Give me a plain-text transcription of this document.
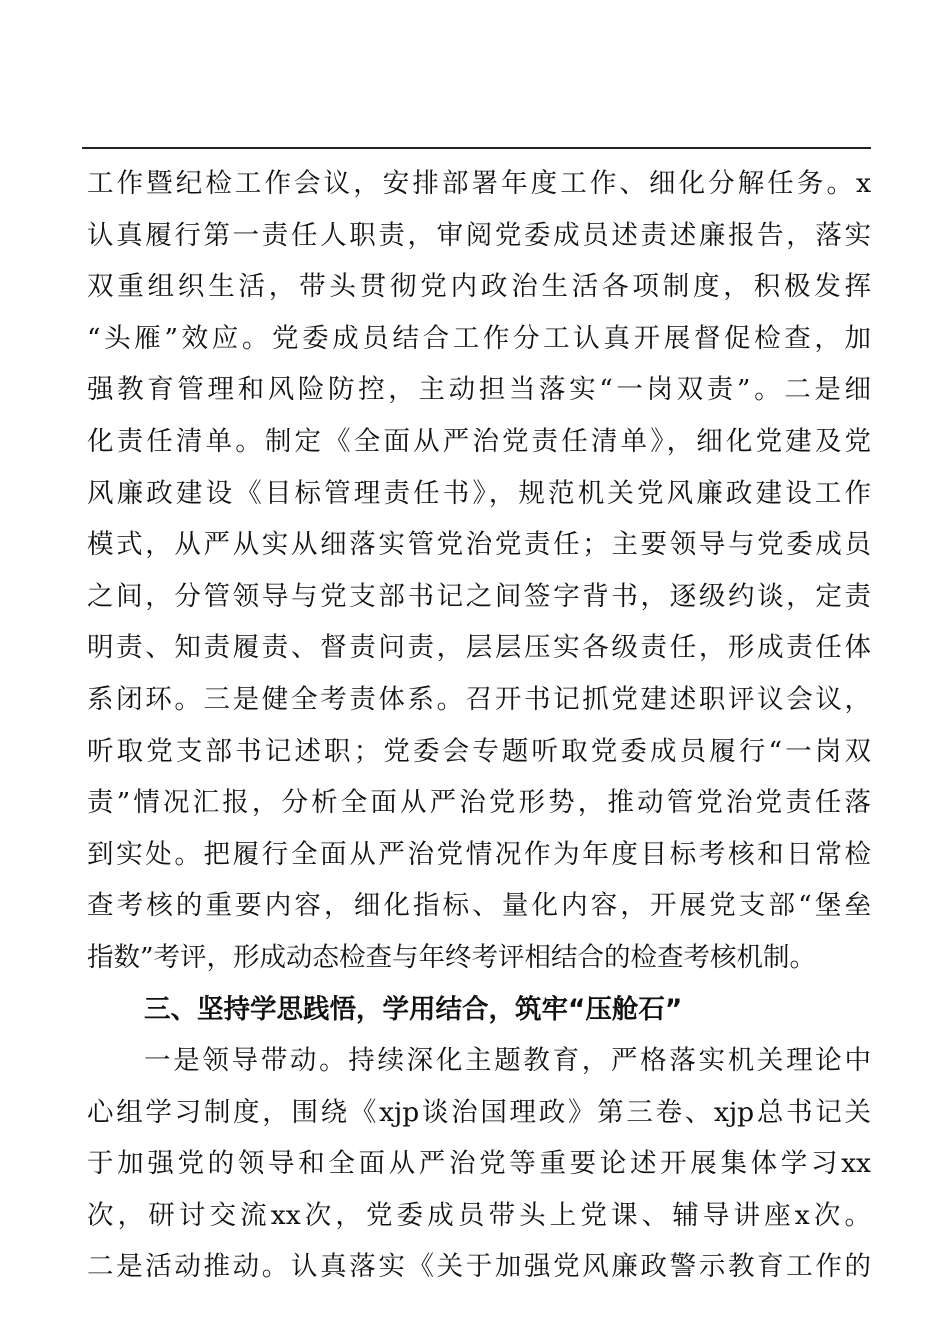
工作暨纪检工作会议，安排部署年度工作、细化分解任务。x
认真履行第一责任人职责，审阅党委成员述责述廉报告，落实
双重组织生活，带头贯彻党内政治生活各项制度，积极发挥
“头雁”效应。党委成员结合工作分工认真开展督促检查，加
强教育管理和风险防控，主动担当落实“一岗双责”。二是细
化责任清单。制定《全面从严治党责任清单》，细化党建及党
风廉政建设《目标管理责任书》，规范机关党风廉政建设工作
模式，从严从实从细落实管党治党责任；主要领导与党委成员
之间，分管领导与党支部书记之间签字背书，逐级约谈，定责
明责、知责履责、督责问责，层层压实各级责任，形成责任体
系闭环。三是健全考责体系。召开书记抓党建述职评议会议，
听取党支部书记述职；党委会专题听取党委成员履行“一岗双
责”情况汇报，分析全面从严治党形势，推动管党治党责任落
到实处。把履行全面从严治党情况作为年度目标考核和日常检
查考核的重要内容，细化指标、量化内容，开展党支部“堡垒
指数”考评，形成动态检查与年终考评相结合的检查考核机制。
三、坚持学思践悟，学用结合，筑牢“压舱石”
一是领导带动。持续深化主题教育，严格落实机关理论中
心组学习制度，围绕《xjp谈治国理政》第三卷、xjp总书记关
于加强党的领导和全面从严治党等重要论述开展集体学习xx
次，研讨交流xx次，党委成员带头上党课、辅导讲座x次。
二是活动推动。认真落实《关于加强党风廉政警示教育工作的
